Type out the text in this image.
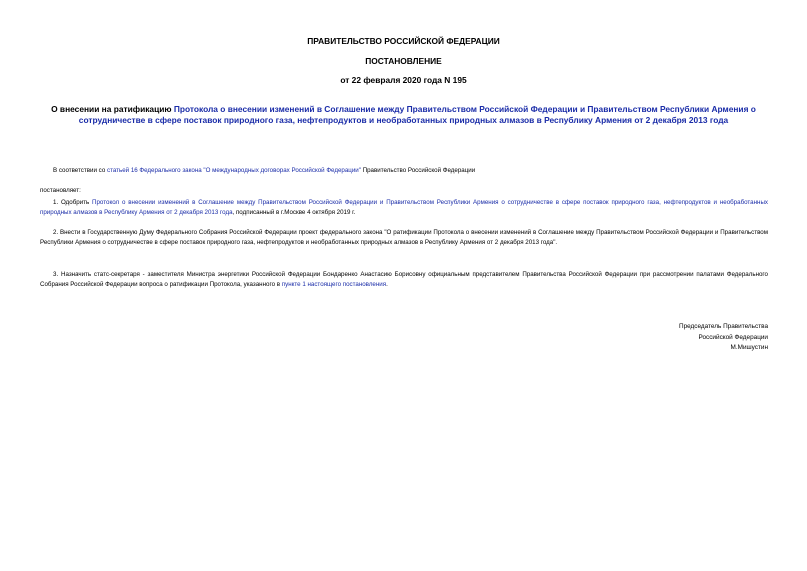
ПРАВИТЕЛЬСТВО РОССИЙСКОЙ ФЕДЕРАЦИИ
ПОСТАНОВЛЕНИЕ
от 22 февраля 2020 года N 195
О внесении на ратификацию Протокола о внесении изменений в Соглашение между Правительством Российской Федерации и Правительством Республики Армения о сотрудничестве в сфере поставок природного газа, нефтепродуктов и необработанных природных алмазов в Республику Армения от 2 декабря 2013 года
В соответствии со статьей 16 Федерального закона "О международных договорах Российской Федерации" Правительство Российской Федерации
постановляет:
1. Одобрить Протокол о внесении изменений в Соглашение между Правительством Российской Федерации и Правительством Республики Армения о сотрудничестве в сфере поставок природного газа, нефтепродуктов и необработанных природных алмазов в Республику Армения от 2 декабря 2013 года, подписанный в г.Москве 4 октября 2019 г.
2. Внести в Государственную Думу Федерального Собрания Российской Федерации проект федерального закона "О ратификации Протокола о внесении изменений в Соглашение между Правительством Российской Федерации и Правительством Республики Армения о сотрудничестве в сфере поставок природного газа, нефтепродуктов и необработанных природных алмазов в Республику Армения от 2 декабря 2013 года".
3. Назначить статс-секретаря - заместителя Министра энергетики Российской Федерации Бондаренко Анастасию Борисовну официальным представителем Правительства Российской Федерации при рассмотрении палатами Федерального Собрания Российской Федерации вопроса о ратификации Протокола, указанного в пункте 1 настоящего постановления.
Председатель Правительства
Российской Федерации
М.Мишустин
